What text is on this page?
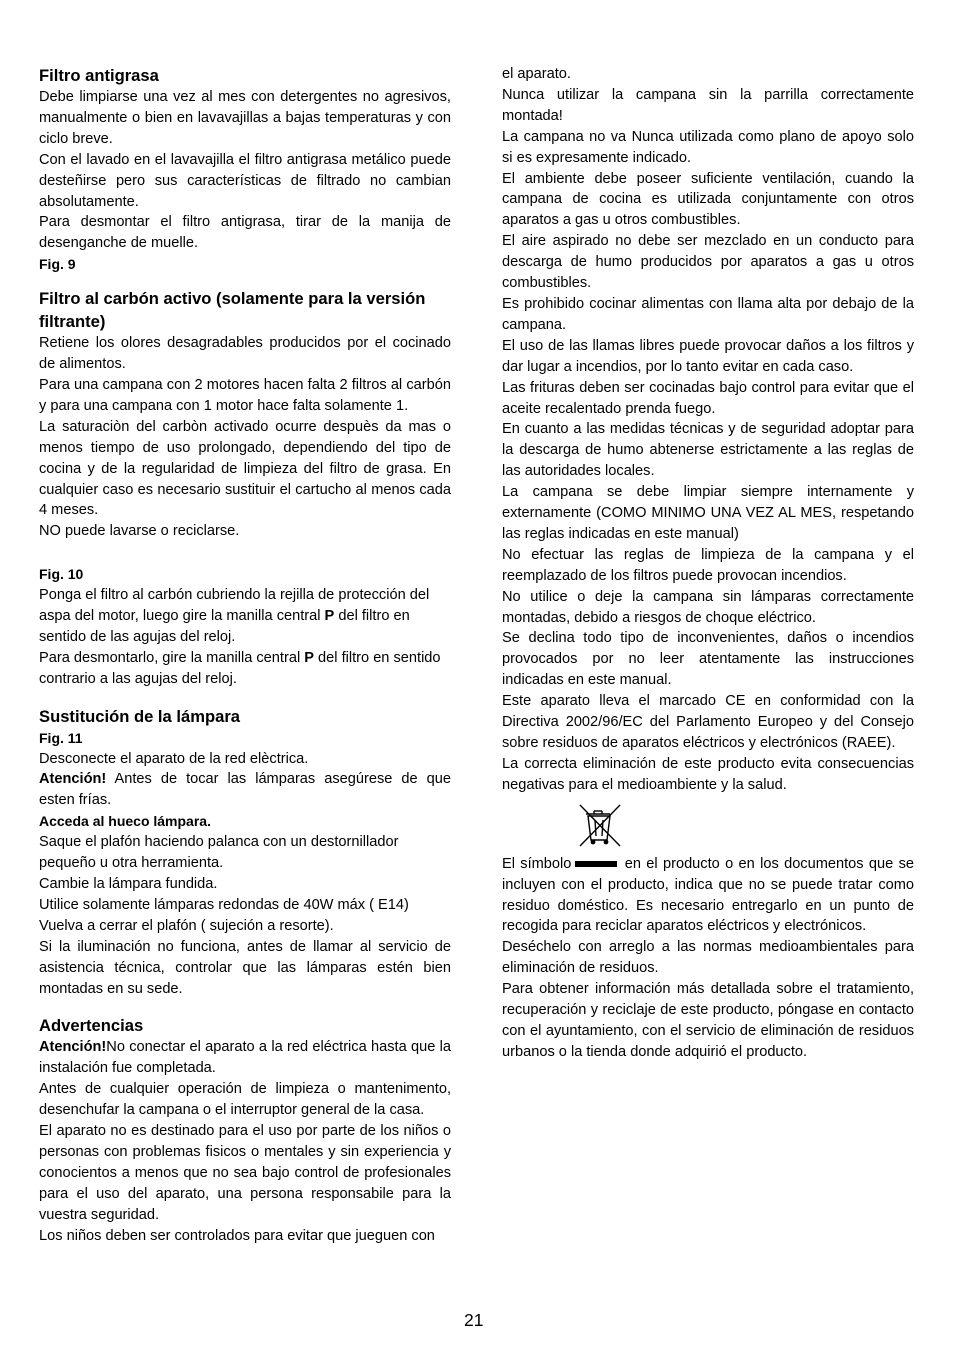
Filtro antigrasa

Debe limpiarse una vez al mes con detergentes no agresivos, manualmente o bien en lavavajillas a bajas temperaturas y con ciclo breve.

Con el lavado en el lavavajilla el filtro antigrasa metálico puede desteñirse pero sus características de filtrado no cambian absolutamente.

Para desmontar el filtro antigrasa, tirar de la manija de desenganche de muelle.

Fig. 9
Filtro al carbón activo (solamente para la versión filtrante)

Retiene los olores desagradables producidos por el cocinado de alimentos.

Para una campana con 2 motores hacen falta 2 filtros al carbón y para una campana con 1 motor hace falta solamente 1.

La saturaciòn del carbòn activado ocurre despuès da mas o menos tiempo de uso prolongado, dependiendo del tipo de cocina y de la regularidad de limpieza del filtro de grasa. En cualquier caso es necesario sustituir el cartucho al menos cada 4 meses.

NO puede lavarse o reciclarse.

Fig. 10

Ponga el filtro al carbón cubriendo la rejilla de protección del aspa del motor, luego gire la manilla central P del filtro en sentido de las agujas del reloj.

Para desmontarlo, gire la manilla central P del filtro en sentido contrario a las agujas del reloj.

Sustitución de la lámpara
Fig. 11

Desconecte el aparato de la red elèctrica.

Atención! Antes de tocar las lámparas asegúrese de que esten frías.

Acceda al hueco lámpara.

Saque el plafón haciendo palanca con un destornillador pequeño u otra herramienta.

Cambie la lámpara fundida.

Utilice solamente lámparas redondas de 40W máx ( E14)

Vuelva a cerrar el plafón ( sujeción a resorte).

Si la iluminación no funciona, antes de llamar al servicio de asistencia técnica, controlar que las lámparas estén bien montadas en su sede.

Advertencias

Atención!No conectar el aparato a la red eléctrica hasta que la instalación fue completada.

Antes de cualquier operación de limpieza o mantenimento, desenchufar la campana o el interruptor general de la casa.

El aparato no es destinado para el uso por parte de los niños o personas con problemas fisicos o mentales y sin experiencia y conocientos a menos que no sea bajo control de profesionales para el uso del aparato, una persona responsabile para la vuestra seguridad.

Los niños deben ser controlados para evitar que jueguen con

el aparato.

Nunca utilizar la campana sin la parrilla correctamente montada!

La campana no va Nunca utilizada como plano de apoyo solo si es expresamente indicado.

El ambiente debe poseer suficiente ventilación, cuando la campana de cocina es utilizada conjuntamente con otros aparatos a gas u otros combustibles.

El aire aspirado no debe ser mezclado en un conducto para descarga de humo producidos por aparatos a gas u otros combustibles.

Es prohibido cocinar alimentas con llama alta por debajo de la campana.

El uso de las llamas libres puede provocar daños a los filtros y dar lugar a incendios, por lo tanto evitar en cada caso.

Las frituras deben ser cocinadas bajo control para evitar que el aceite recalentado prenda fuego.

En cuanto a las medidas técnicas y de seguridad adoptar para la descarga de humo abtenerse estrictamente a las reglas de las autoridades locales.

La campana se debe limpiar siempre internamente y externamente (COMO MINIMO UNA VEZ AL MES, respetando las reglas indicadas en este manual)

No efectuar las reglas de limpieza de la campana y el reemplazado de los filtros puede provocan incendios.

No utilice o deje la campana sin lámparas correctamente montadas, debido a riesgos de choque eléctrico.

Se declina todo tipo de inconvenientes, daños o incendios provocados por no leer atentamente las instrucciones indicadas en este manual.

Este aparato lleva el marcado CE en conformidad con la Directiva 2002/96/EC del Parlamento Europeo y del Consejo sobre residuos de aparatos eléctricos y electrónicos (RAEE).

La correcta eliminación de este producto evita consecuencias negativas para el medioambiente y la salud.

El símbolo	en el producto o en los documentos que se incluyen con el producto, indica que no se puede tratar como residuo doméstico. Es necesario entregarlo en un punto de recogida para reciclar aparatos eléctricos y electrónicos.

Deséchelo con arreglo a las normas medioambientales para eliminación de residuos.

Para obtener información más detallada sobre el tratamiento, recuperación y reciclaje de este producto, póngase en contacto con el ayuntamiento, con el servicio de eliminación de residuos urbanos o la tienda donde adquirió el producto.

21
